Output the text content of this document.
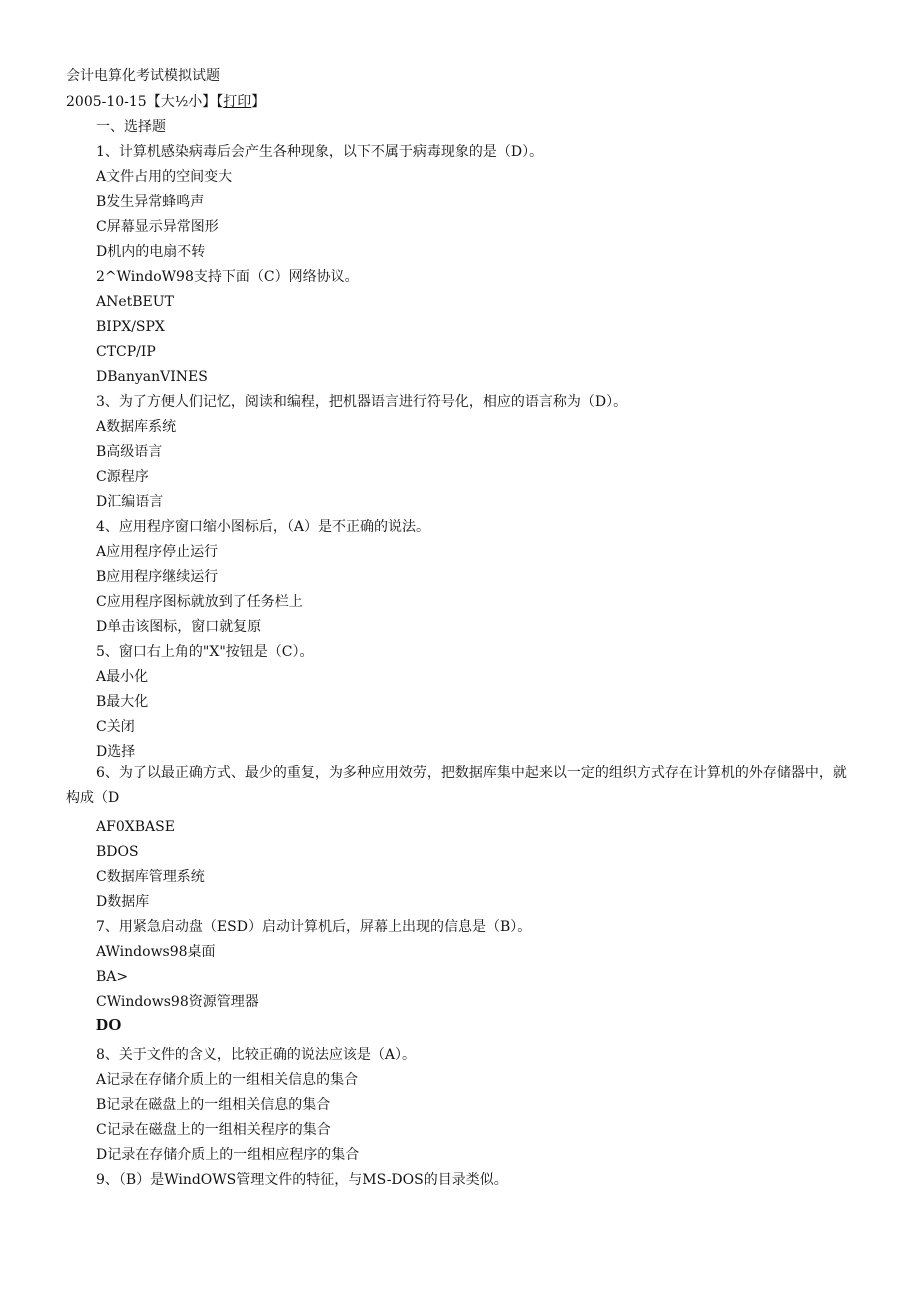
会计电算化考试模拟试题
2005-10-15【大½小】【打印】
一、选择题
1、计算机感染病毒后会产生各种现象，以下不属于病毒现象的是（D）。
A文件占用的空间变大
B发生异常蜂鸣声
C屏幕显示异常图形
D机内的电扇不转
2^WindoW98支持下面（C）网络协议。
ANetBEUT
BIPX/SPX
CTCP/IP
DBanyanVINES
3、为了方便人们记忆，阅读和编程，把机器语言进行符号化，相应的语言称为（D）。
A数据库系统
B高级语言
C源程序
D汇编语言
4、应用程序窗口缩小图标后，（A）是不正确的说法。
A应用程序停止运行
B应用程序继续运行
C应用程序图标就放到了任务栏上
D单击该图标，窗口就复原
5、窗口右上角的"X"按钮是（C）。
A最小化
B最大化
C关闭
D选择
6、为了以最正确方式、最少的重复，为多种应用效劳，把数据库集中起来以一定的组织方式存在计算机的外存储器中，就构成（D
AF0XBASE
BDOS
C数据库管理系统
D数据库
7、用紧急启动盘（ESD）启动计算机后，屏幕上出现的信息是（B）。
AWindows98桌面
BA>
CWindows98资源管理器
DO
8、关于文件的含义，比较正确的说法应该是（A）。
A记录在存储介质上的一组相关信息的集合
B记录在磁盘上的一组相关信息的集合
C记录在磁盘上的一组相关程序的集合
D记录在存储介质上的一组相应程序的集合
9、（B）是WindOWS管理文件的特征，与MS-DOS的目录类似。
